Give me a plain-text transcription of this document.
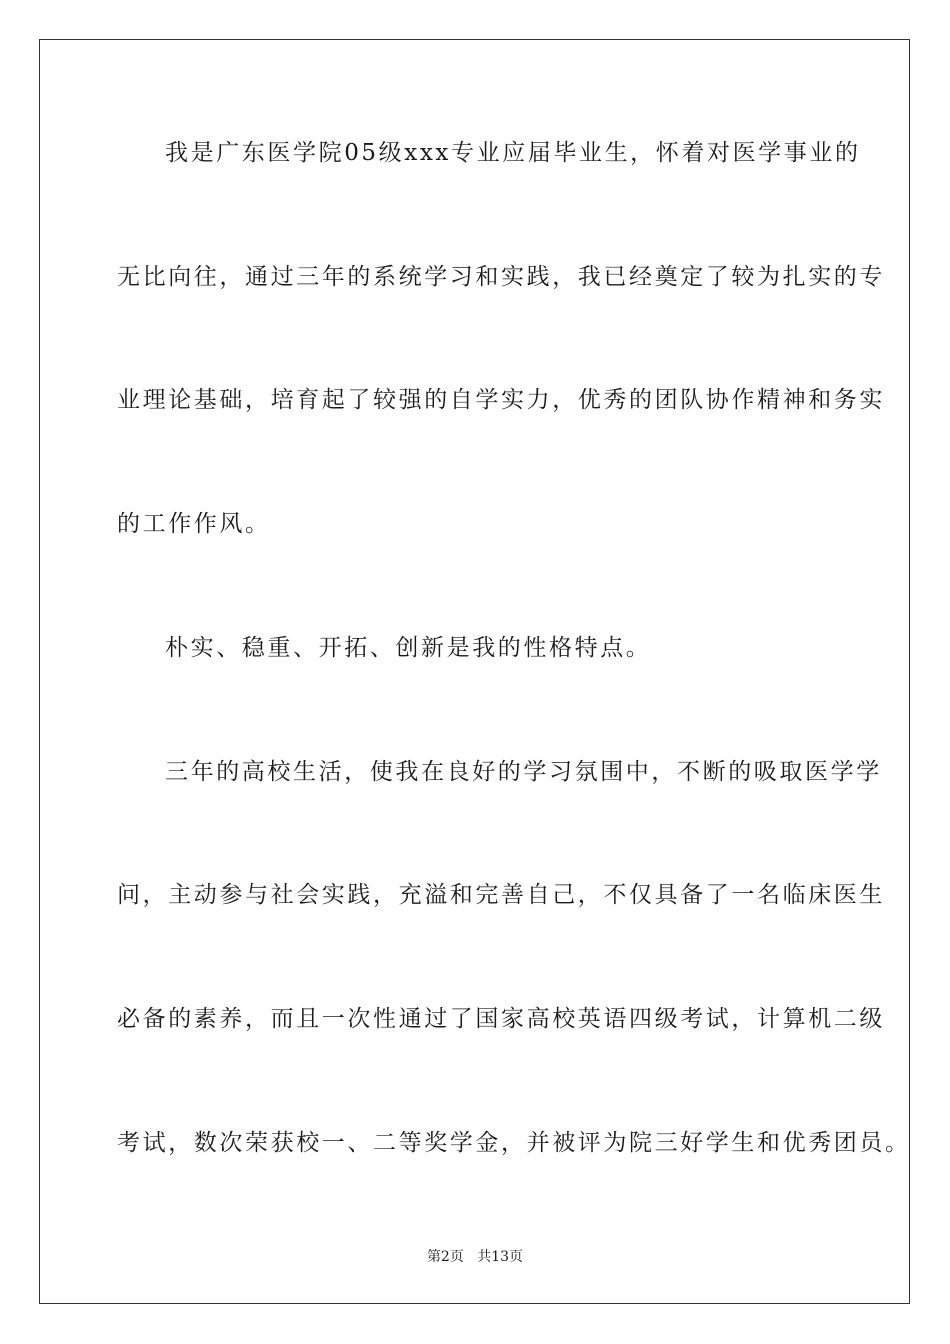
我是广东医学院05级xxx专业应届毕业生，怀着对医学事业的

无比向往，通过三年的系统学习和实践，我已经奠定了较为扎实的专

业理论基础，培育起了较强的自学实力，优秀的团队协作精神和务实

的工作作风。

朴实、稳重、开拓、创新是我的性格特点。

三年的高校生活，使我在良好的学习氛围中，不断的吸取医学学

问，主动参与社会实践，充溢和完善自己，不仅具备了一名临床医生

必备的素养，而且一次性通过了国家高校英语四级考试，计算机二级

考试，数次荣获校一、二等奖学金，并被评为院三好学生和优秀团员。

第2页 共13页
